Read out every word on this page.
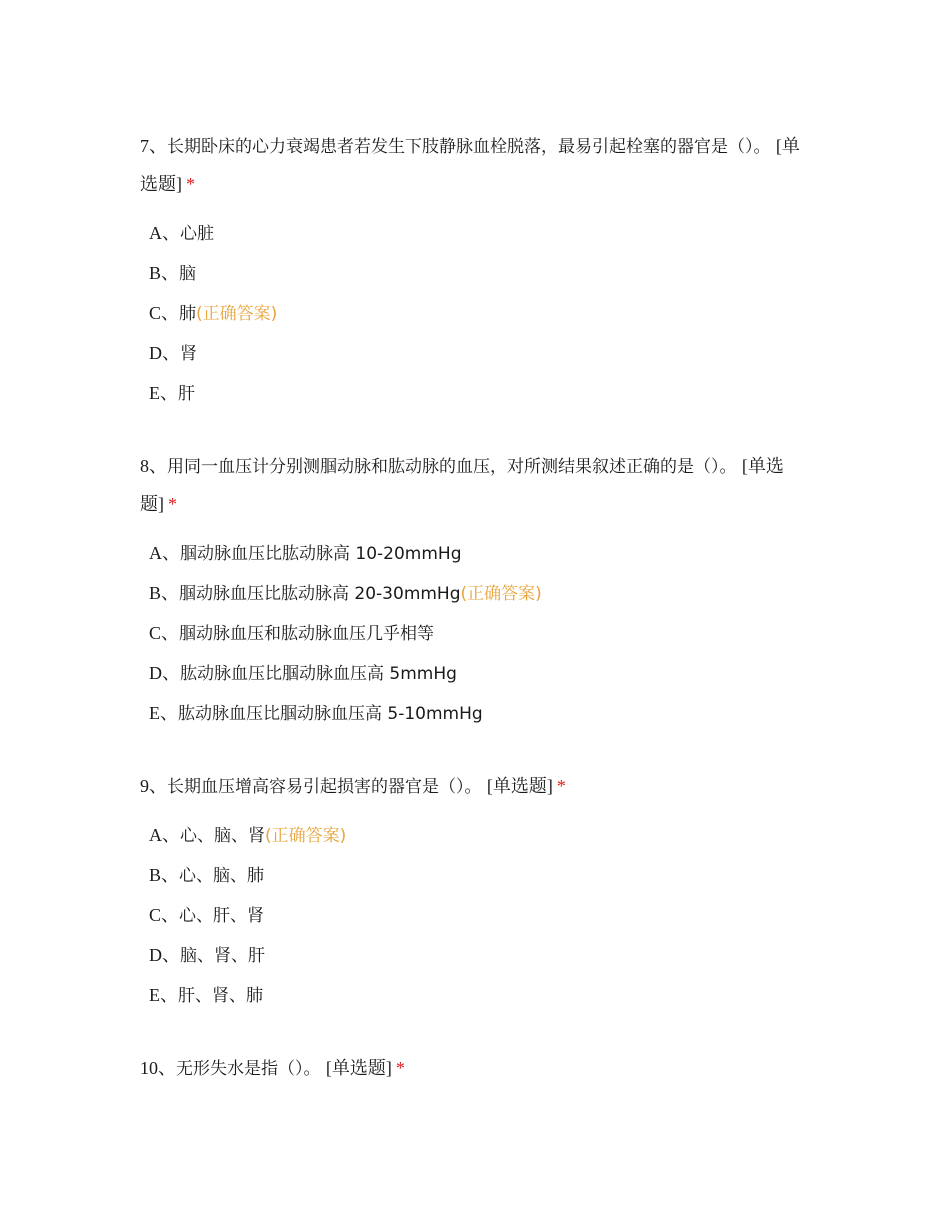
7、长期卧床的心力衰竭患者若发生下肢静脉血栓脱落，最易引起栓塞的器官是（）。 [单选题] *

A、心脏
B、脑
C、肺(正确答案)
D、肾
E、肝

8、用同一血压计分别测腘动脉和肱动脉的血压，对所测结果叙述正确的是（）。 [单选题] *

A、腘动脉血压比肱动脉高 10-20mmHg
B、腘动脉血压比肱动脉高 20-30mmHg(正确答案)
C、腘动脉血压和肱动脉血压几乎相等
D、肱动脉血压比腘动脉血压高 5mmHg
E、肱动脉血压比腘动脉血压高 5-10mmHg

9、长期血压增高容易引起损害的器官是（）。 [单选题] *

A、心、脑、肾(正确答案)
B、心、脑、肺
C、心、肝、肾
D、脑、肾、肝
E、肝、肾、肺

10、无形失水是指（）。 [单选题] *
